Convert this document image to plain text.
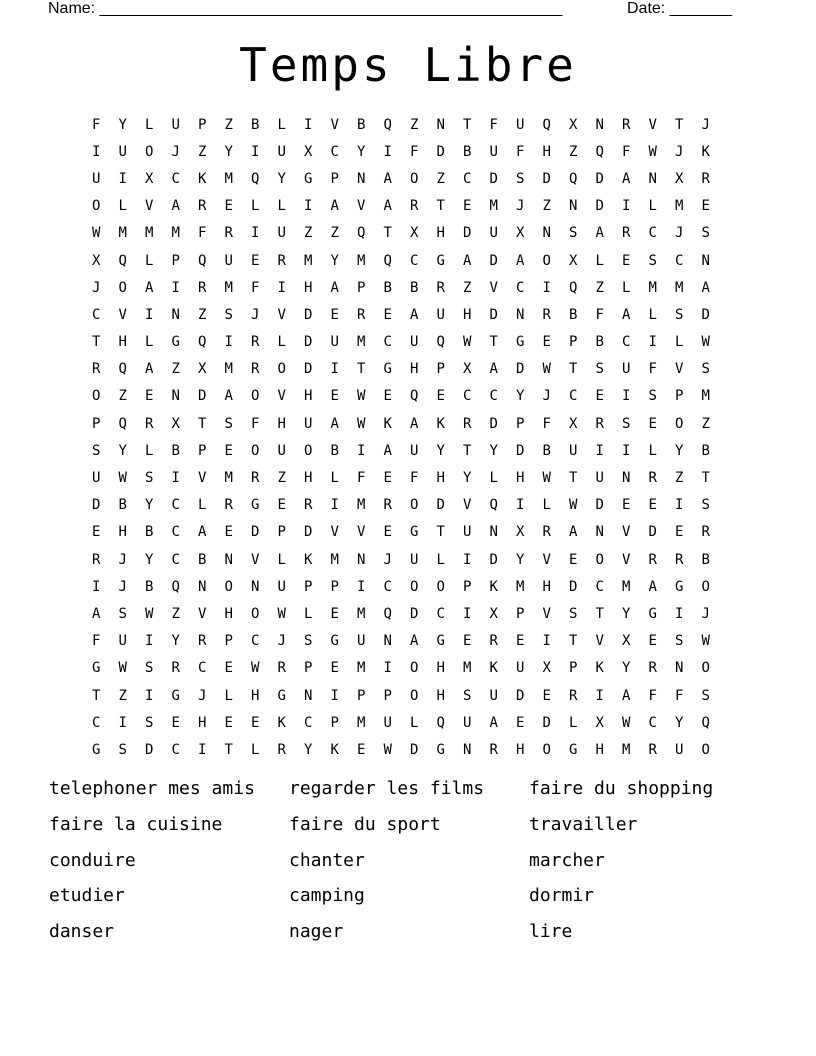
Name: ____________________________________________________	Date: _______
Temps Libre
F	Y	L	U	P	Z	B	L	I	V	B	Q	Z	N	T	F	U	Q	X	N	R	V	T	J
I	U	O	J	Z	Y	I	U	X	C	Y	I	F	D	B	U	F	H	Z	Q	F	W	J	K
U	I	X	C	K	M	Q	Y	G	P	N	A	O	Z	C	D	S	D	Q	D	A	N	X	R
O	L	V	A	R	E	L	L	I	A	V	A	R	T	E	M	J	Z	N	D	I	L	M	E
W	M	M	M	F	R	I	U	Z	Z	Q	T	X	H	D	U	X	N	S	A	R	C	J	S
X	Q	L	P	Q	U	E	R	M	Y	M	Q	C	G	A	D	A	O	X	L	E	S	C	N
J	O	A	I	R	M	F	I	H	A	P	B	B	R	Z	V	C	I	Q	Z	L	M	M	A
C	V	I	N	Z	S	J	V	D	E	R	E	A	U	H	D	N	R	B	F	A	L	S	D
T	H	L	G	Q	I	R	L	D	U	M	C	U	Q	W	T	G	E	P	B	C	I	L	W
R	Q	A	Z	X	M	R	O	D	I	T	G	H	P	X	A	D	W	T	S	U	F	V	S
O	Z	E	N	D	A	O	V	H	E	W	E	Q	E	C	C	Y	J	C	E	I	S	P	M
P	Q	R	X	T	S	F	H	U	A	W	K	A	K	R	D	P	F	X	R	S	E	O	Z
S	Y	L	B	P	E	O	U	O	B	I	A	U	Y	T	Y	D	B	U	I	I	L	Y	B
U	W	S	I	V	M	R	Z	H	L	F	E	F	H	Y	L	H	W	T	U	N	R	Z	T
D	B	Y	C	L	R	G	E	R	I	M	R	O	D	V	Q	I	L	W	D	E	E	I	S
E	H	B	C	A	E	D	P	D	V	V	E	G	T	U	N	X	R	A	N	V	D	E	R
R	J	Y	C	B	N	V	L	K	M	N	J	U	L	I	D	Y	V	E	O	V	R	R	B
I	J	B	Q	N	O	N	U	P	P	I	C	O	O	P	K	M	H	D	C	M	A	G	O
A	S	W	Z	V	H	O	W	L	E	M	Q	D	C	I	X	P	V	S	T	Y	G	I	J
F	U	I	Y	R	P	C	J	S	G	U	N	A	G	E	R	E	I	T	V	X	E	S	W
G	W	S	R	C	E	W	R	P	E	M	I	O	H	M	K	U	X	P	K	Y	R	N	O
T	Z	I	G	J	L	H	G	N	I	P	P	O	H	S	U	D	E	R	I	A	F	F	S
C	I	S	E	H	E	E	K	C	P	M	U	L	Q	U	A	E	D	L	X	W	C	Y	Q
G	S	D	C	I	T	L	R	Y	K	E	W	D	G	N	R	H	O	G	H	M	R	U	O
telephoner mes amis	regarder les films	faire du shopping
faire la cuisine	faire du sport	travailler
conduire	chanter	marcher
etudier	camping	dormir
danser	nager	lire
